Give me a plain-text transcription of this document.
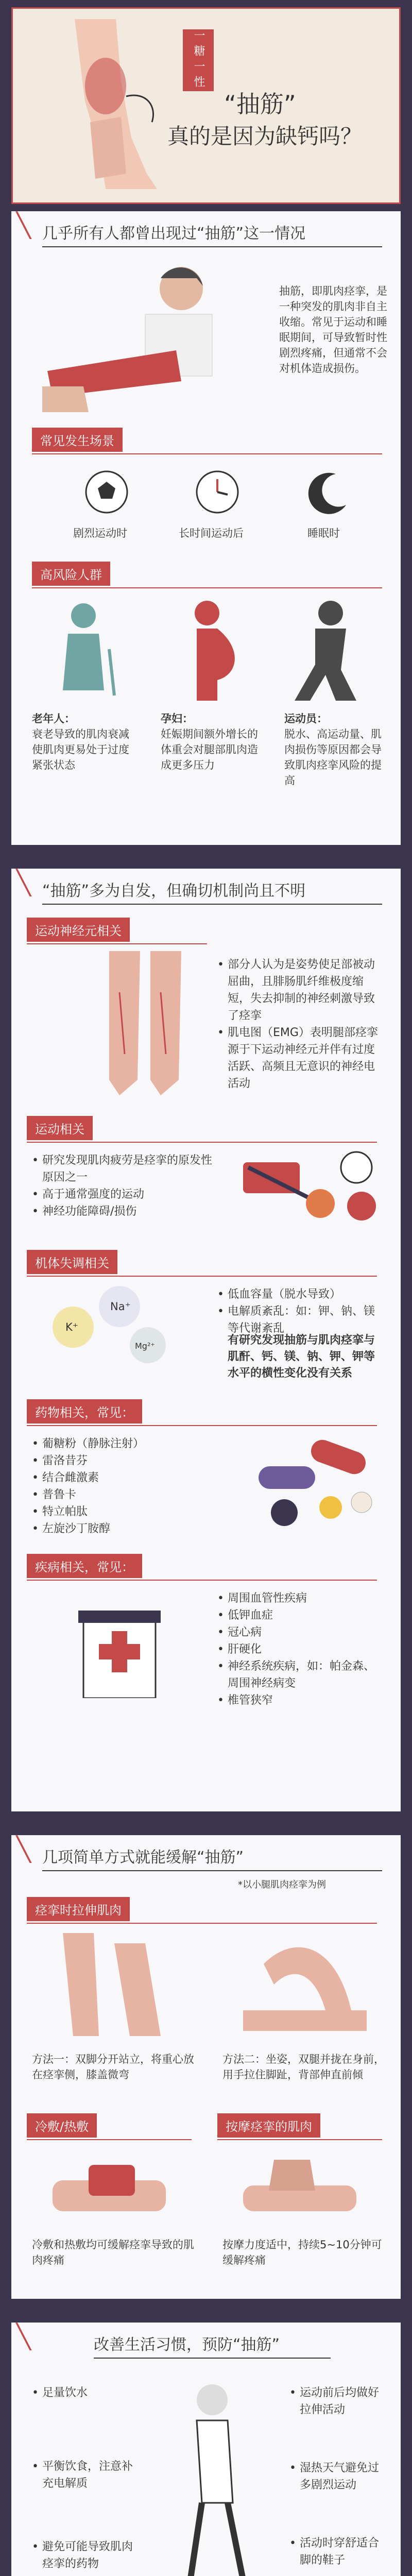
一糖一性
“抽筋”
真的是因为缺钙吗？
╲ 几乎所有人都曾出现过“抽筋”这一情况
抽筋，即肌肉痉挛，是一种突发的肌肉非自主收缩。常见于运动和睡眠期间，可导致暂时性剧烈疼痛，但通常不会对机体造成损伤。
常见发生场景
剧烈运动时	长时间运动后	睡眠时
高风险人群
老年人：
衰老导致的肌肉衰减使肌肉更易处于过度紧张状态
孕妇：
妊娠期间额外增长的体重会对腿部肌肉造成更多压力
运动员：
脱水、高运动量、肌肉损伤等原因都会导致肌肉痉挛风险的提高
╲ “抽筋”多为自发，但确切机制尚且不明
运动神经元相关
• 部分人认为是姿势使足部被动屈曲，且腓肠肌纤维极度缩短，失去抑制的神经刺激导致了痉挛
• 肌电图（EMG）表明腿部痉挛源于下运动神经元并伴有过度活跃、高频且无意识的神经电活动
运动相关
• 研究发现肌肉疲劳是痉挛的原发性原因之一
• 高于通常强度的运动
• 神经功能障碍/损伤
机体失调相关
Na⁺
K⁺
Mg²⁺
• 低血容量（脱水导致）
• 电解质紊乱：如：钾、钠、镁等代谢紊乱
有研究发现抽筋与肌肉痉挛与肌酐、钙、镁、钠、钾、钾等水平的横性变化没有关系
药物相关，常见：
• 葡糖粉（静脉注射）
• 雷洛昔芬
• 结合雌激素
• 普鲁卡
• 特立帕肽
• 左旋沙丁胺醇
疾病相关，常见：
• 周围血管性疾病
• 低钾血症
• 冠心病
• 肝硬化
• 神经系统疾病，如：帕金森、周围神经病变
• 椎管狭窄
╲ 几项简单方式就能缓解“抽筋”
*以小腿肌肉痉挛为例
痉挛时拉伸肌肉
方法一：双脚分开站立，将重心放在痉挛侧，膝盖微弯
方法二：坐姿，双腿并拢在身前，用手拉住脚趾，背部伸直前倾
冷敷/热敷	按摩痉挛的肌肉
冷敷和热敷均可缓解痉挛导致的肌肉疼痛
按摩力度适中，持续5~10分钟可缓解疼痛
╲	改善生活习惯，预防“抽筋”
• 足量饮水
• 平衡饮食，注意补充电解质
• 避免可能导致肌肉痉挛的药物
• 运动前后均做好拉伸活动
• 湿热天气避免过多剧烈运动
• 活动时穿舒适合脚的鞋子
